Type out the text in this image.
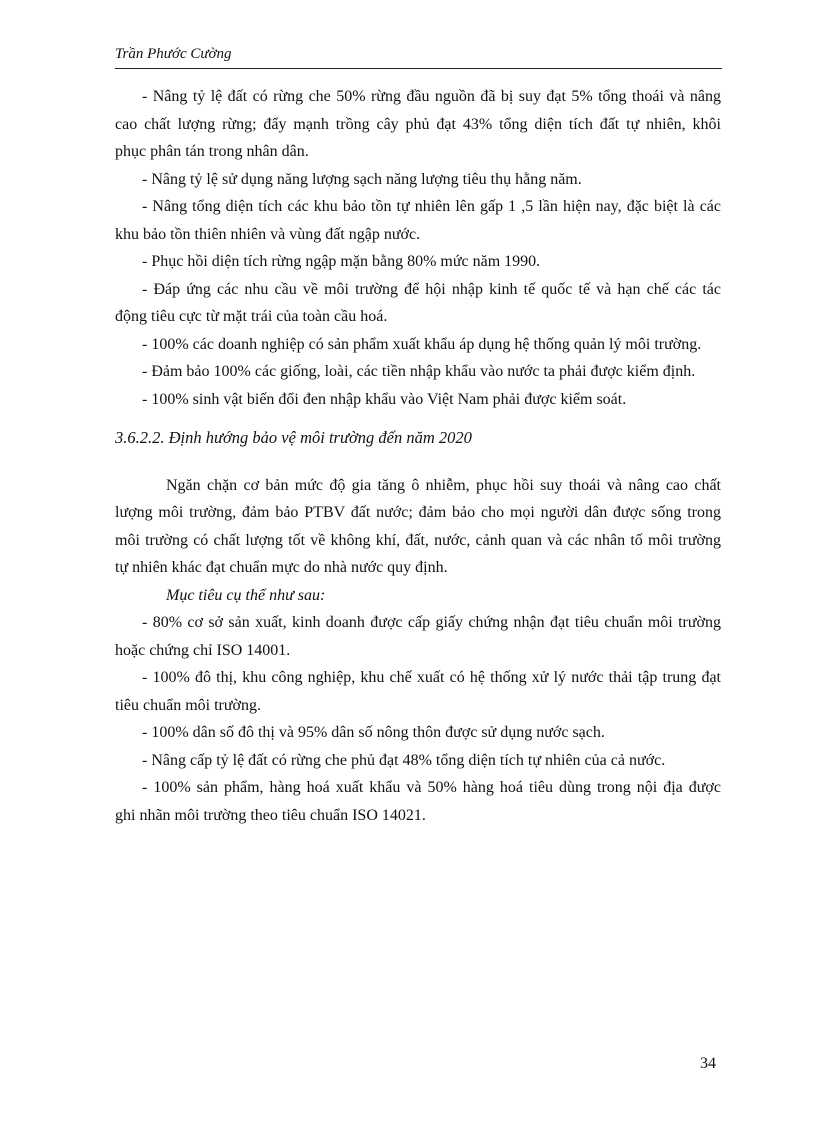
Trần Phước Cường
- Nâng tỷ lệ đất có rừng che 50% rừng đầu nguồn đã bị suy đạt 5% tổng thoái và nâng
cao chất lượng rừng; đẩy mạnh trồng cây phủ đạt 43% tổng diện tích đất tự nhiên, khôi
phục phân tán trong nhân dân.
- Nâng tỷ lệ sử dụng năng lượng sạch năng lượng tiêu thụ hằng năm.
- Nâng tổng diện tích các khu bảo tồn tự nhiên lên gấp 1 ,5 lần hiện nay, đặc biệt là các
khu bảo tồn thiên nhiên và vùng đất ngập nước.
- Phục hồi diện tích rừng ngập mặn bằng 80% mức năm 1990.
- Đáp ứng các nhu cầu về môi trường để hội nhập kinh tế quốc tế và hạn chế các tác
động tiêu cực từ mặt trái của toàn cầu hoá.
- 100% các doanh nghiệp có sản phẩm xuất khẩu áp dụng hệ thống quản lý môi trường.
- Đảm bảo 100% các giống, loài, các tiền nhập khẩu vào nước ta phải được kiểm định.
- 100% sinh vật biến đổi đen nhập khẩu vào Việt Nam phải được kiểm soát.
3.6.2.2. Định hướng bảo vệ môi trường đến năm 2020
Ngăn chặn cơ bản mức độ gia tăng ô nhiễm, phục hồi suy thoái và nâng cao chất
lượng môi trường, đảm bảo PTBV đất nước; đảm bảo cho mọi người dân được sống trong
môi trường có chất lượng tốt về không khí, đất, nước, cảnh quan và các nhân tố môi trường
tự nhiên khác đạt chuẩn mực do nhà nước quy định.
Mục tiêu cụ thể như sau:
- 80% cơ sở sản xuất, kinh doanh được cấp giấy chứng nhận đạt tiêu chuẩn môi trường
hoặc chứng chỉ ISO 14001.
- 100% đô thị, khu công nghiệp, khu chế xuất có hệ thống xử lý nước thải tập trung đạt
tiêu chuẩn môi trường.
- 100% dân số đô thị và 95% dân số nông thôn được sử dụng nước sạch.
- Nâng cấp tỷ lệ đất có rừng che phủ đạt 48% tổng diện tích tự nhiên của cả nước.
- 100% sản phẩm, hàng hoá xuất khẩu và 50% hàng hoá tiêu dùng trong nội địa được
ghi nhãn môi trường theo tiêu chuẩn ISO 14021.
34
